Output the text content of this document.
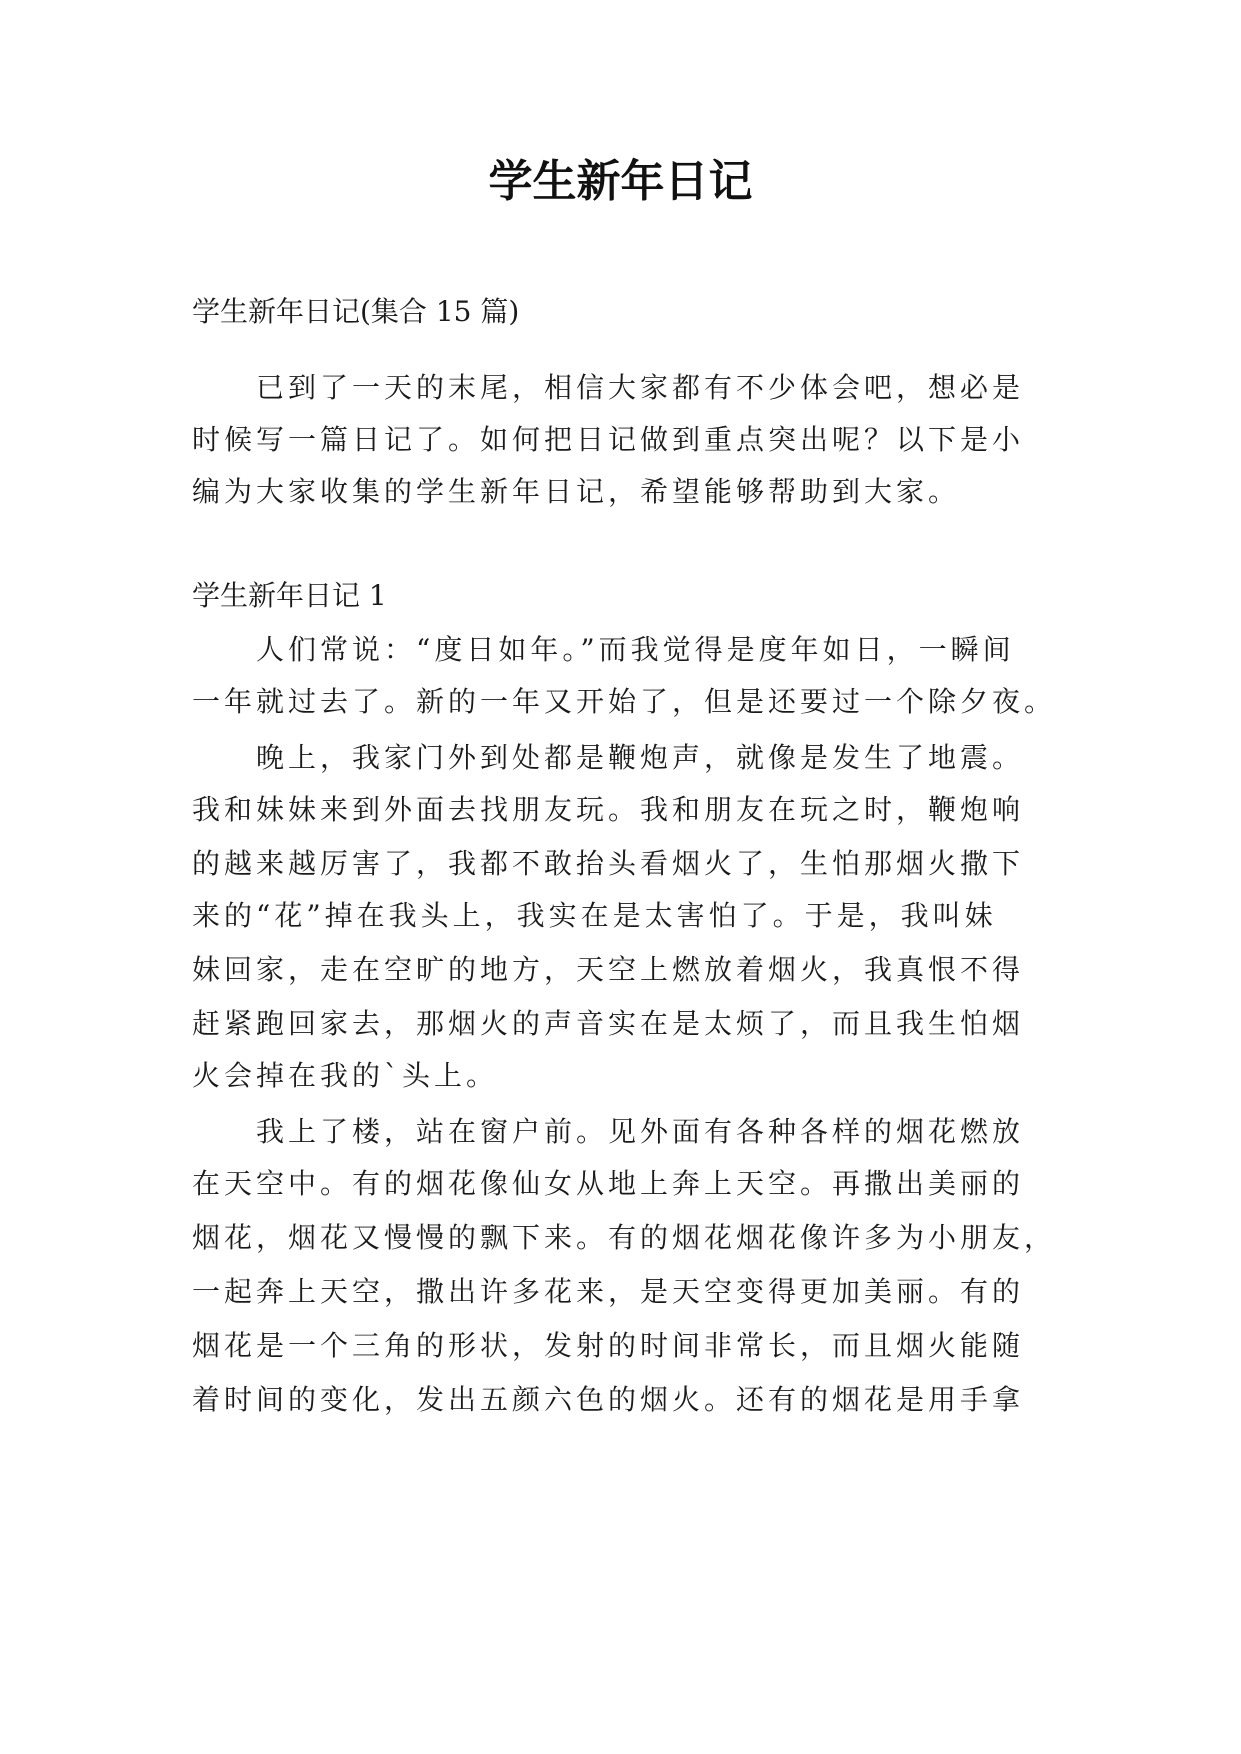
学生新年日记
学生新年日记(集合 15 篇)
　　已到了一天的末尾，相信大家都有不少体会吧，想必是
时候写一篇日记了。如何把日记做到重点突出呢？以下是小
编为大家收集的学生新年日记，希望能够帮助到大家。
学生新年日记 1
　　人们常说：“度日如年。”而我觉得是度年如日，一瞬间
一年就过去了。新的一年又开始了，但是还要过一个除夕夜。
　　晚上，我家门外到处都是鞭炮声，就像是发生了地震。
我和妹妹来到外面去找朋友玩。我和朋友在玩之时，鞭炮响
的越来越厉害了，我都不敢抬头看烟火了，生怕那烟火撒下
来的“花”掉在我头上，我实在是太害怕了。于是，我叫妹
妹回家，走在空旷的地方，天空上燃放着烟火，我真恨不得
赶紧跑回家去，那烟火的声音实在是太烦了，而且我生怕烟
火会掉在我的`头上。
　　我上了楼，站在窗户前。见外面有各种各样的烟花燃放
在天空中。有的烟花像仙女从地上奔上天空。再撒出美丽的
烟花，烟花又慢慢的飘下来。有的烟花烟花像许多为小朋友，
一起奔上天空，撒出许多花来，是天空变得更加美丽。有的
烟花是一个三角的形状，发射的时间非常长，而且烟火能随
着时间的变化，发出五颜六色的烟火。还有的烟花是用手拿
